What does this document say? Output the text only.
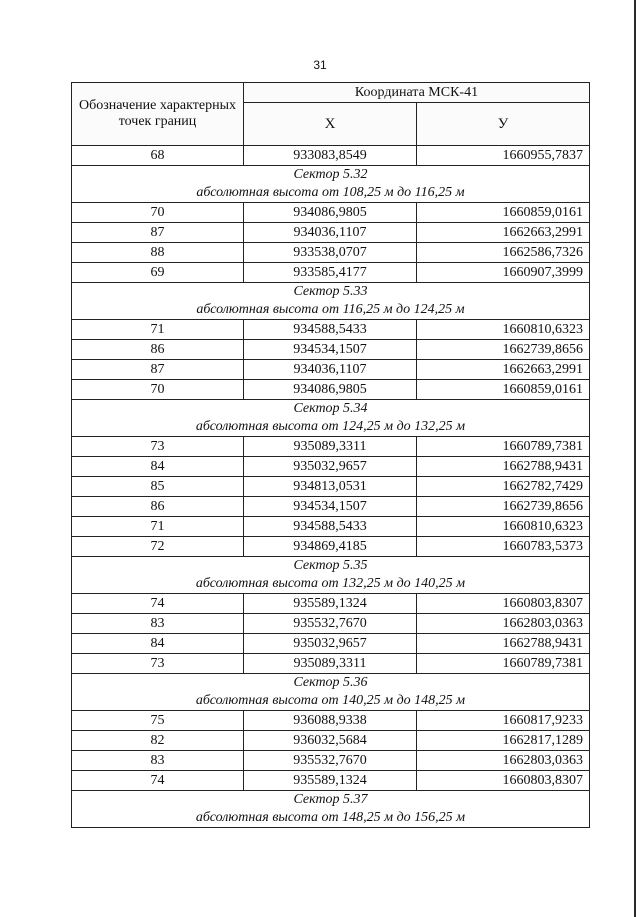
31
Обозначение характерных точек границ	Координата МСК-41	
	X	У
68	933083,8549	1660955,7837
Сектор 5.32		
абсолютная высота от 108,25 м до 116,25 м		
70	934086,9805	1660859,0161
87	934036,1107	1662663,2991
88	933538,0707	1662586,7326
69	933585,4177	1660907,3999
Сектор 5.33		
абсолютная высота от 116,25 м до 124,25 м		
71	934588,5433	1660810,6323
86	934534,1507	1662739,8656
87	934036,1107	1662663,2991
70	934086,9805	1660859,0161
Сектор 5.34		
абсолютная высота от 124,25 м до 132,25 м		
73	935089,3311	1660789,7381
84	935032,9657	1662788,9431
85	934813,0531	1662782,7429
86	934534,1507	1662739,8656
71	934588,5433	1660810,6323
72	934869,4185	1660783,5373
Сектор 5.35		
абсолютная высота от 132,25 м до 140,25 м		
74	935589,1324	1660803,8307
83	935532,7670	1662803,0363
84	935032,9657	1662788,9431
73	935089,3311	1660789,7381
Сектор 5.36		
абсолютная высота от 140,25 м до 148,25 м		
75	936088,9338	1660817,9233
82	936032,5684	1662817,1289
83	935532,7670	1662803,0363
74	935589,1324	1660803,8307
Сектор 5.37		
абсолютная высота от 148,25 м до 156,25 м		
